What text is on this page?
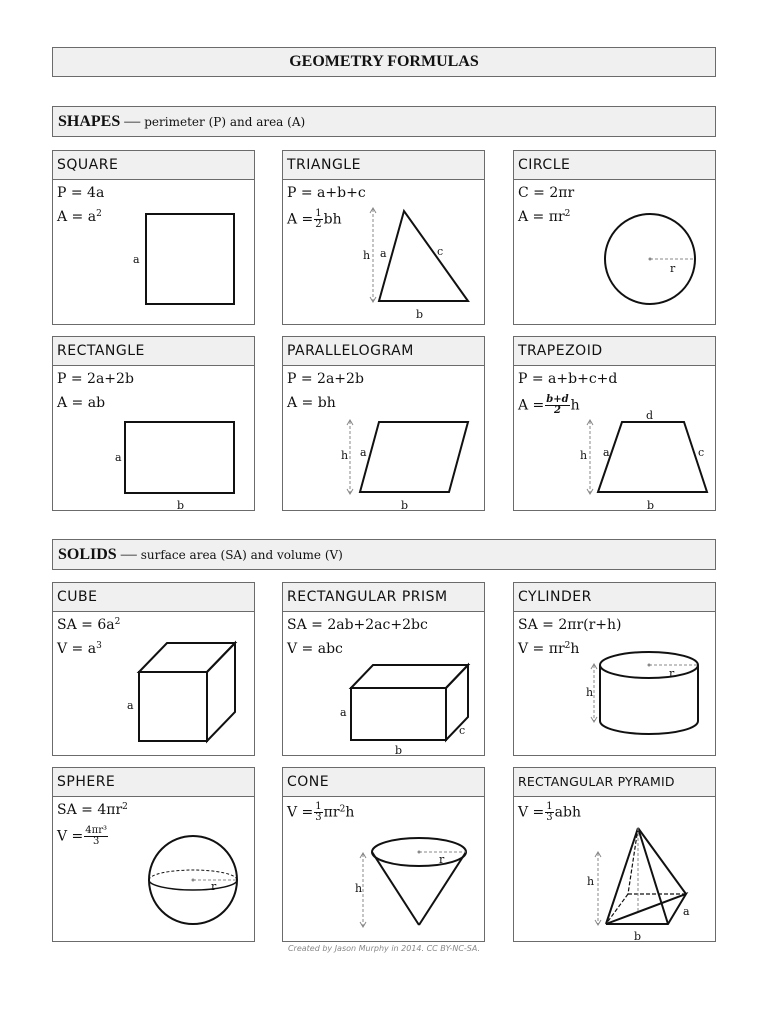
GEOMETRY FORMULAS
SHAPES — perimeter (P) and area (A)
SQUARE
P = 4a
$A = a^2$
a
TRIANGLE
P = a+b+c
$A = \frac{1}{2}$ bh
h a	c
b
CIRCLE
C = 2πr
$A = \pi r^2$
r
RECTANGLE
P = 2a+2b
A = ab
a
b
PARALLELOGRAM
P = 2a+2b
A = bh
h a
b
TRAPEZOID
P = a+b+c+d
$A = \frac{b+d}{2}$ h
d
h a	c
b
SOLIDS — surface area (SA) and volume (V)
CUBE
SA = $6a^2$
$V = a^3$
a
RECTANGULAR PRISM
SA = 2ab+2ac+2bc
V = abc
a
b
c
CYLINDER
SA = 2πr(r+h)
$V = \pi r^2h$
h
r
SPHERE
SA = $4\pi r^2$
$V = \frac{\text{4πr³}}{3}$
r
CONE
$V = \frac{1}{3} \pi r^2h$
h
r
RECTANGULAR PYRAMID
$V = \frac{1}{3}$ abh
h
a
b
Created by Jason Murphy in 2014. CC BY-NC-SA.
